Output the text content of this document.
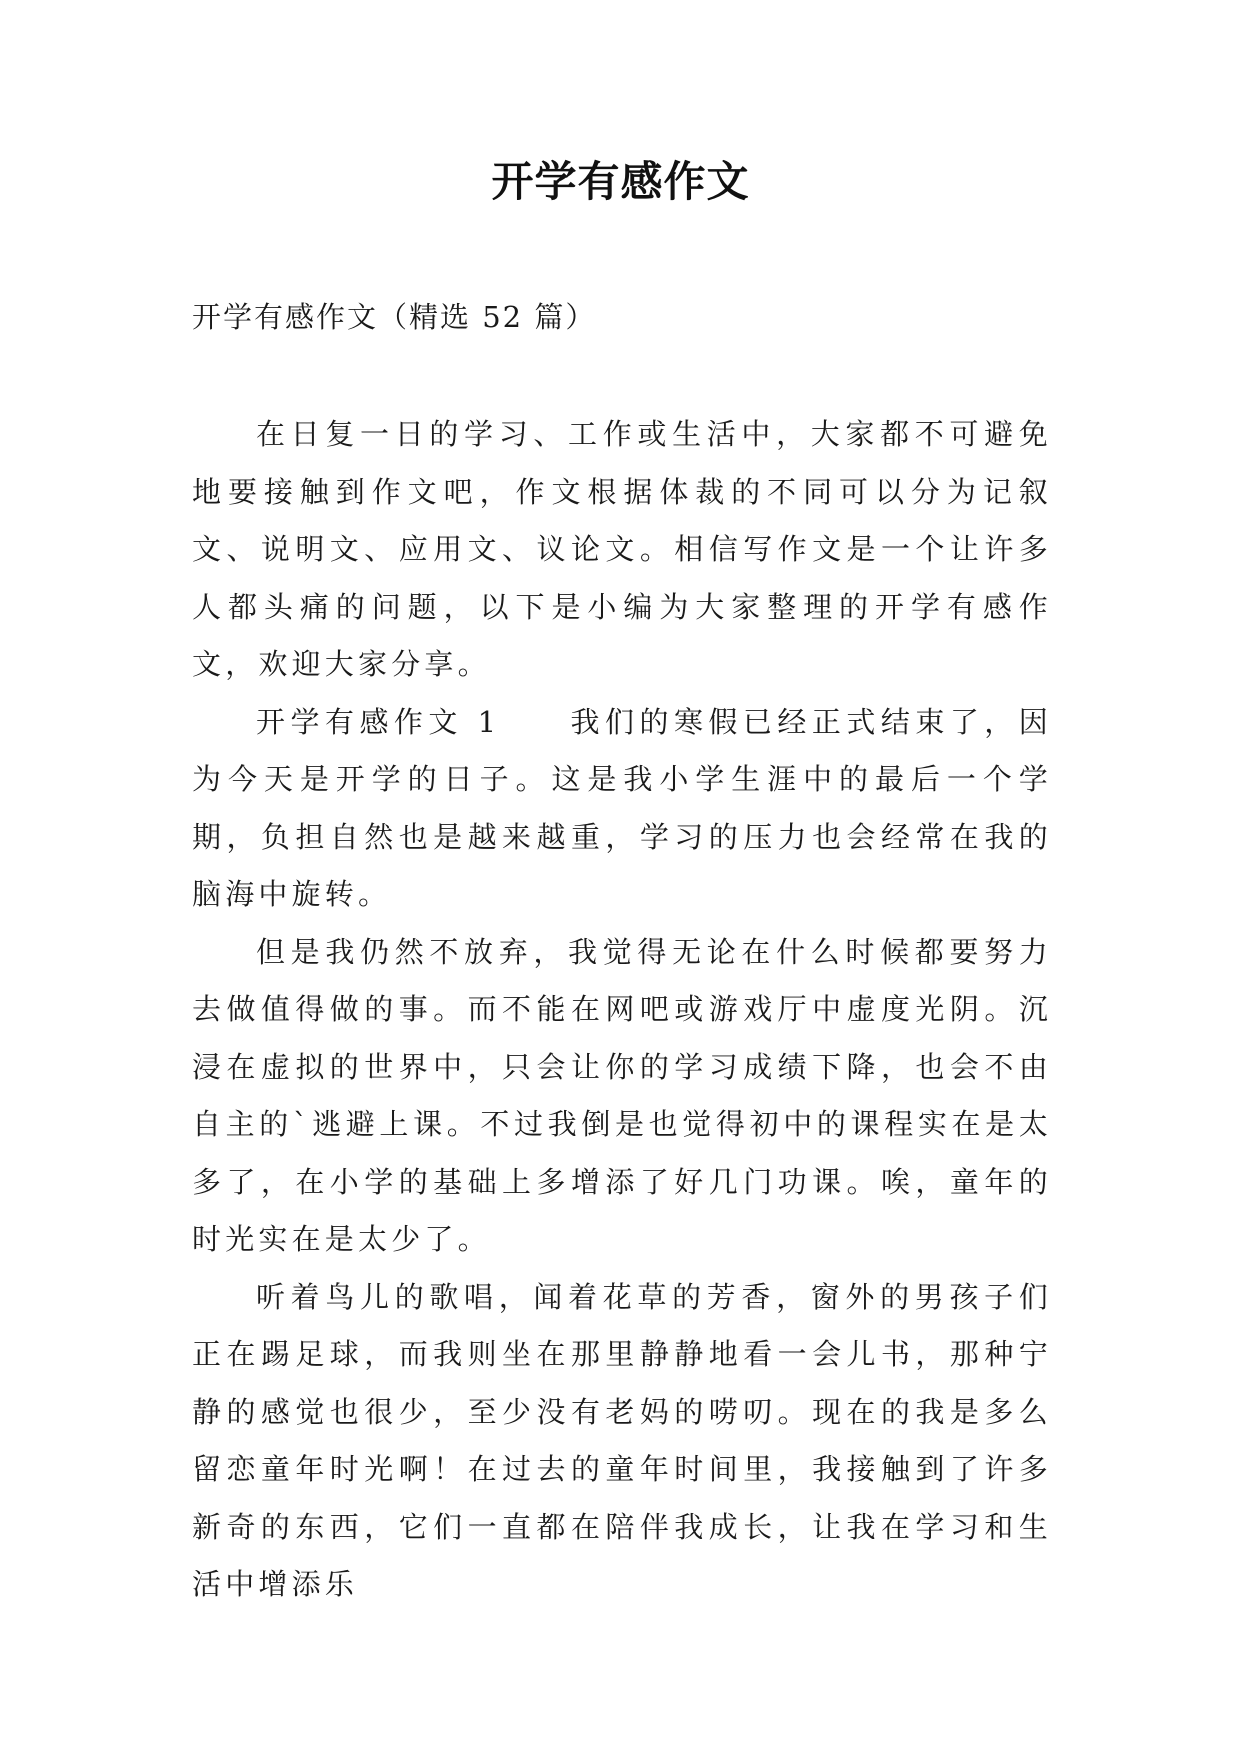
开学有感作文
开学有感作文（精选 52 篇）

在日复一日的学习、工作或生活中，大家都不可避免地要接触到作文吧，作文根据体裁的不同可以分为记叙文、说明文、应用文、议论文。相信写作文是一个让许多人都头痛的问题，以下是小编为大家整理的开学有感作文，欢迎大家分享。

开学有感作文 1　　我们的寒假已经正式结束了，因为今天是开学的日子。这是我小学生涯中的最后一个学期，负担自然也是越来越重，学习的压力也会经常在我的脑海中旋转。

但是我仍然不放弃，我觉得无论在什么时候都要努力去做值得做的事。而不能在网吧或游戏厅中虚度光阴。沉浸在虚拟的世界中，只会让你的学习成绩下降，也会不由自主的`逃避上课。不过我倒是也觉得初中的课程实在是太多了，在小学的基础上多增添了好几门功课。唉，童年的时光实在是太少了。

听着鸟儿的歌唱，闻着花草的芳香，窗外的男孩子们正在踢足球，而我则坐在那里静静地看一会儿书，那种宁静的感觉也很少，至少没有老妈的唠叨。现在的我是多么留恋童年时光啊！在过去的童年时间里，我接触到了许多新奇的东西，它们一直都在陪伴我成长，让我在学习和生活中增添乐
